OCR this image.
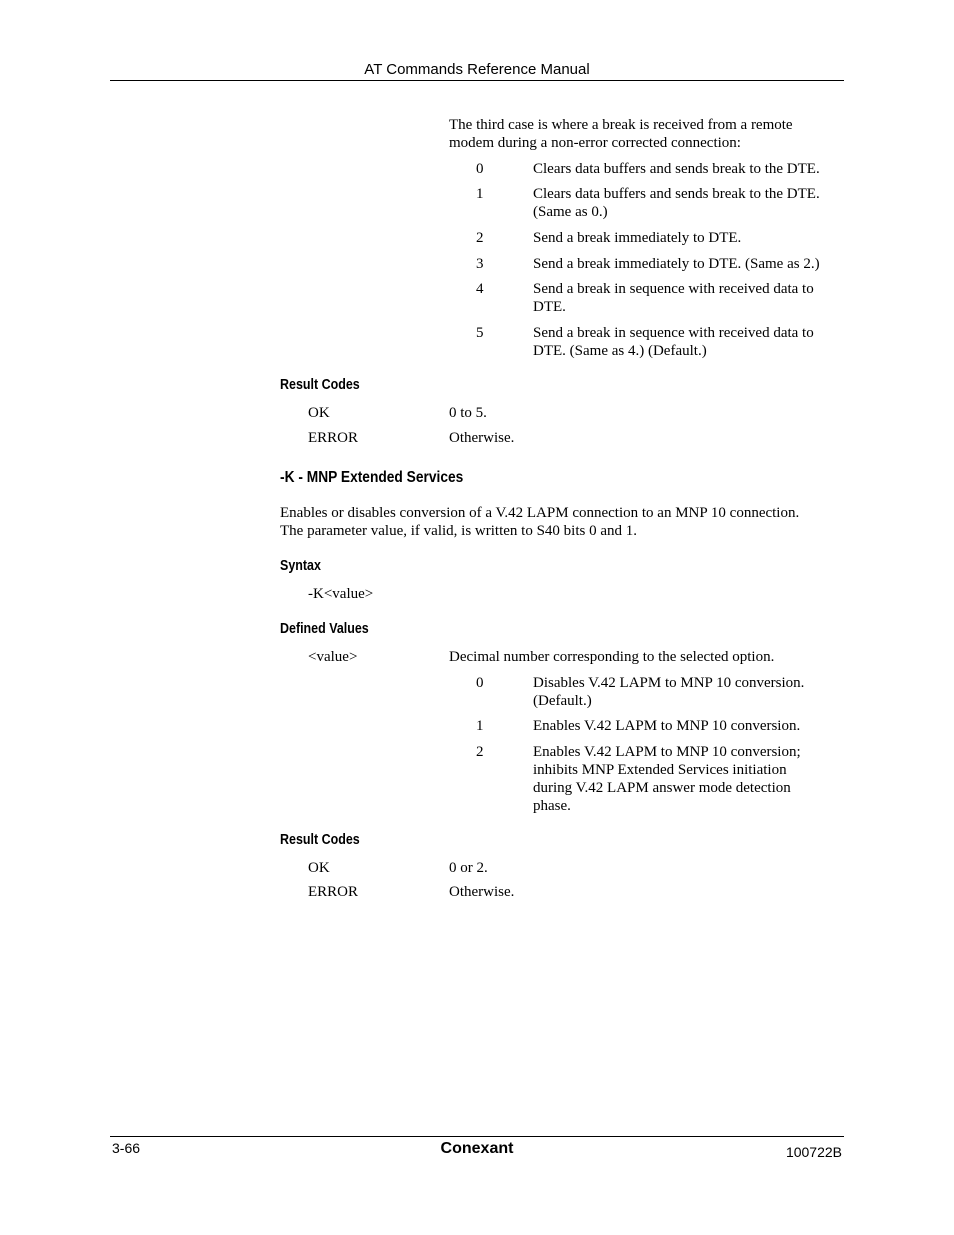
AT Commands Reference Manual
The third case is where a break is received from a remote
modem during a non-error corrected connection:
0	Clears data buffers and sends break to the DTE.
1	Clears data buffers and sends break to the DTE.
(Same as 0.)
2	Send a break immediately to DTE.
3	Send a break immediately to DTE. (Same as 2.)
4	Send a break in sequence with received data to
DTE.
5	Send a break in sequence with received data to
DTE. (Same as 4.) (Default.)
Result Codes
OK	0 to 5.
ERROR	Otherwise.
-K - MNP Extended Services
Enables or disables conversion of a V.42 LAPM connection to an MNP 10 connection.
The parameter value, if valid, is written to S40 bits 0 and 1.
Syntax
-K<value>
Defined Values
<value>	Decimal number corresponding to the selected option.
0	Disables V.42 LAPM to MNP 10 conversion.
(Default.)
1	Enables V.42 LAPM to MNP 10 conversion.
2	Enables V.42 LAPM to MNP 10 conversion;
inhibits MNP Extended Services initiation
during V.42 LAPM answer mode detection
phase.
Result Codes
OK	0 or 2.
ERROR	Otherwise.
3-66	Conexant	100722B
